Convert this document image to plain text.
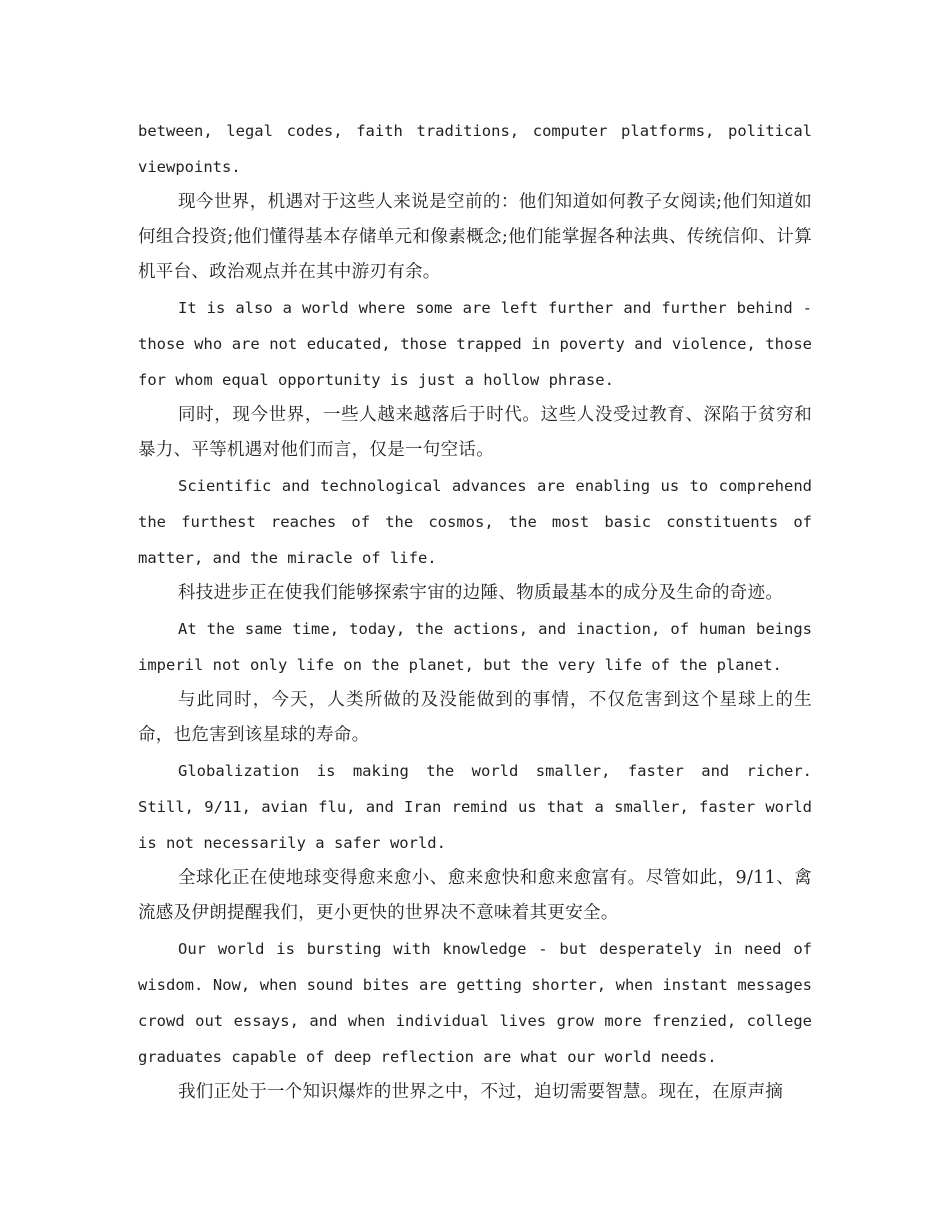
between, legal codes, faith traditions, computer platforms, political viewpoints.

现今世界，机遇对于这些人来说是空前的：他们知道如何教子女阅读;他们知道如何组合投资;他们懂得基本存储单元和像素概念;他们能掌握各种法典、传统信仰、计算机平台、政治观点并在其中游刃有余。

It is also a world where some are left further and further behind - those who are not educated, those trapped in poverty and violence, those for whom equal opportunity is just a hollow phrase.

同时，现今世界，一些人越来越落后于时代。这些人没受过教育、深陷于贫穷和暴力、平等机遇对他们而言，仅是一句空话。

Scientific and technological advances are enabling us to comprehend the furthest reaches of the cosmos, the most basic constituents of matter, and the miracle of life.

科技进步正在使我们能够探索宇宙的边陲、物质最基本的成分及生命的奇迹。

At the same time, today, the actions, and inaction, of human beings imperil not only life on the planet, but the very life of the planet.

与此同时，今天，人类所做的及没能做到的事情，不仅危害到这个星球上的生命，也危害到该星球的寿命。

Globalization is making the world smaller, faster and richer. Still, 9/11, avian flu, and Iran remind us that a smaller, faster world is not necessarily a safer world.

全球化正在使地球变得愈来愈小、愈来愈快和愈来愈富有。尽管如此，9/11、禽流感及伊朗提醒我们，更小更快的世界决不意味着其更安全。

Our world is bursting with knowledge - but desperately in need of wisdom. Now, when sound bites are getting shorter, when instant messages crowd out essays, and when individual lives grow more frenzied, college graduates capable of deep reflection are what our world needs.

我们正处于一个知识爆炸的世界之中，不过，迫切需要智慧。现在，在原声摘
